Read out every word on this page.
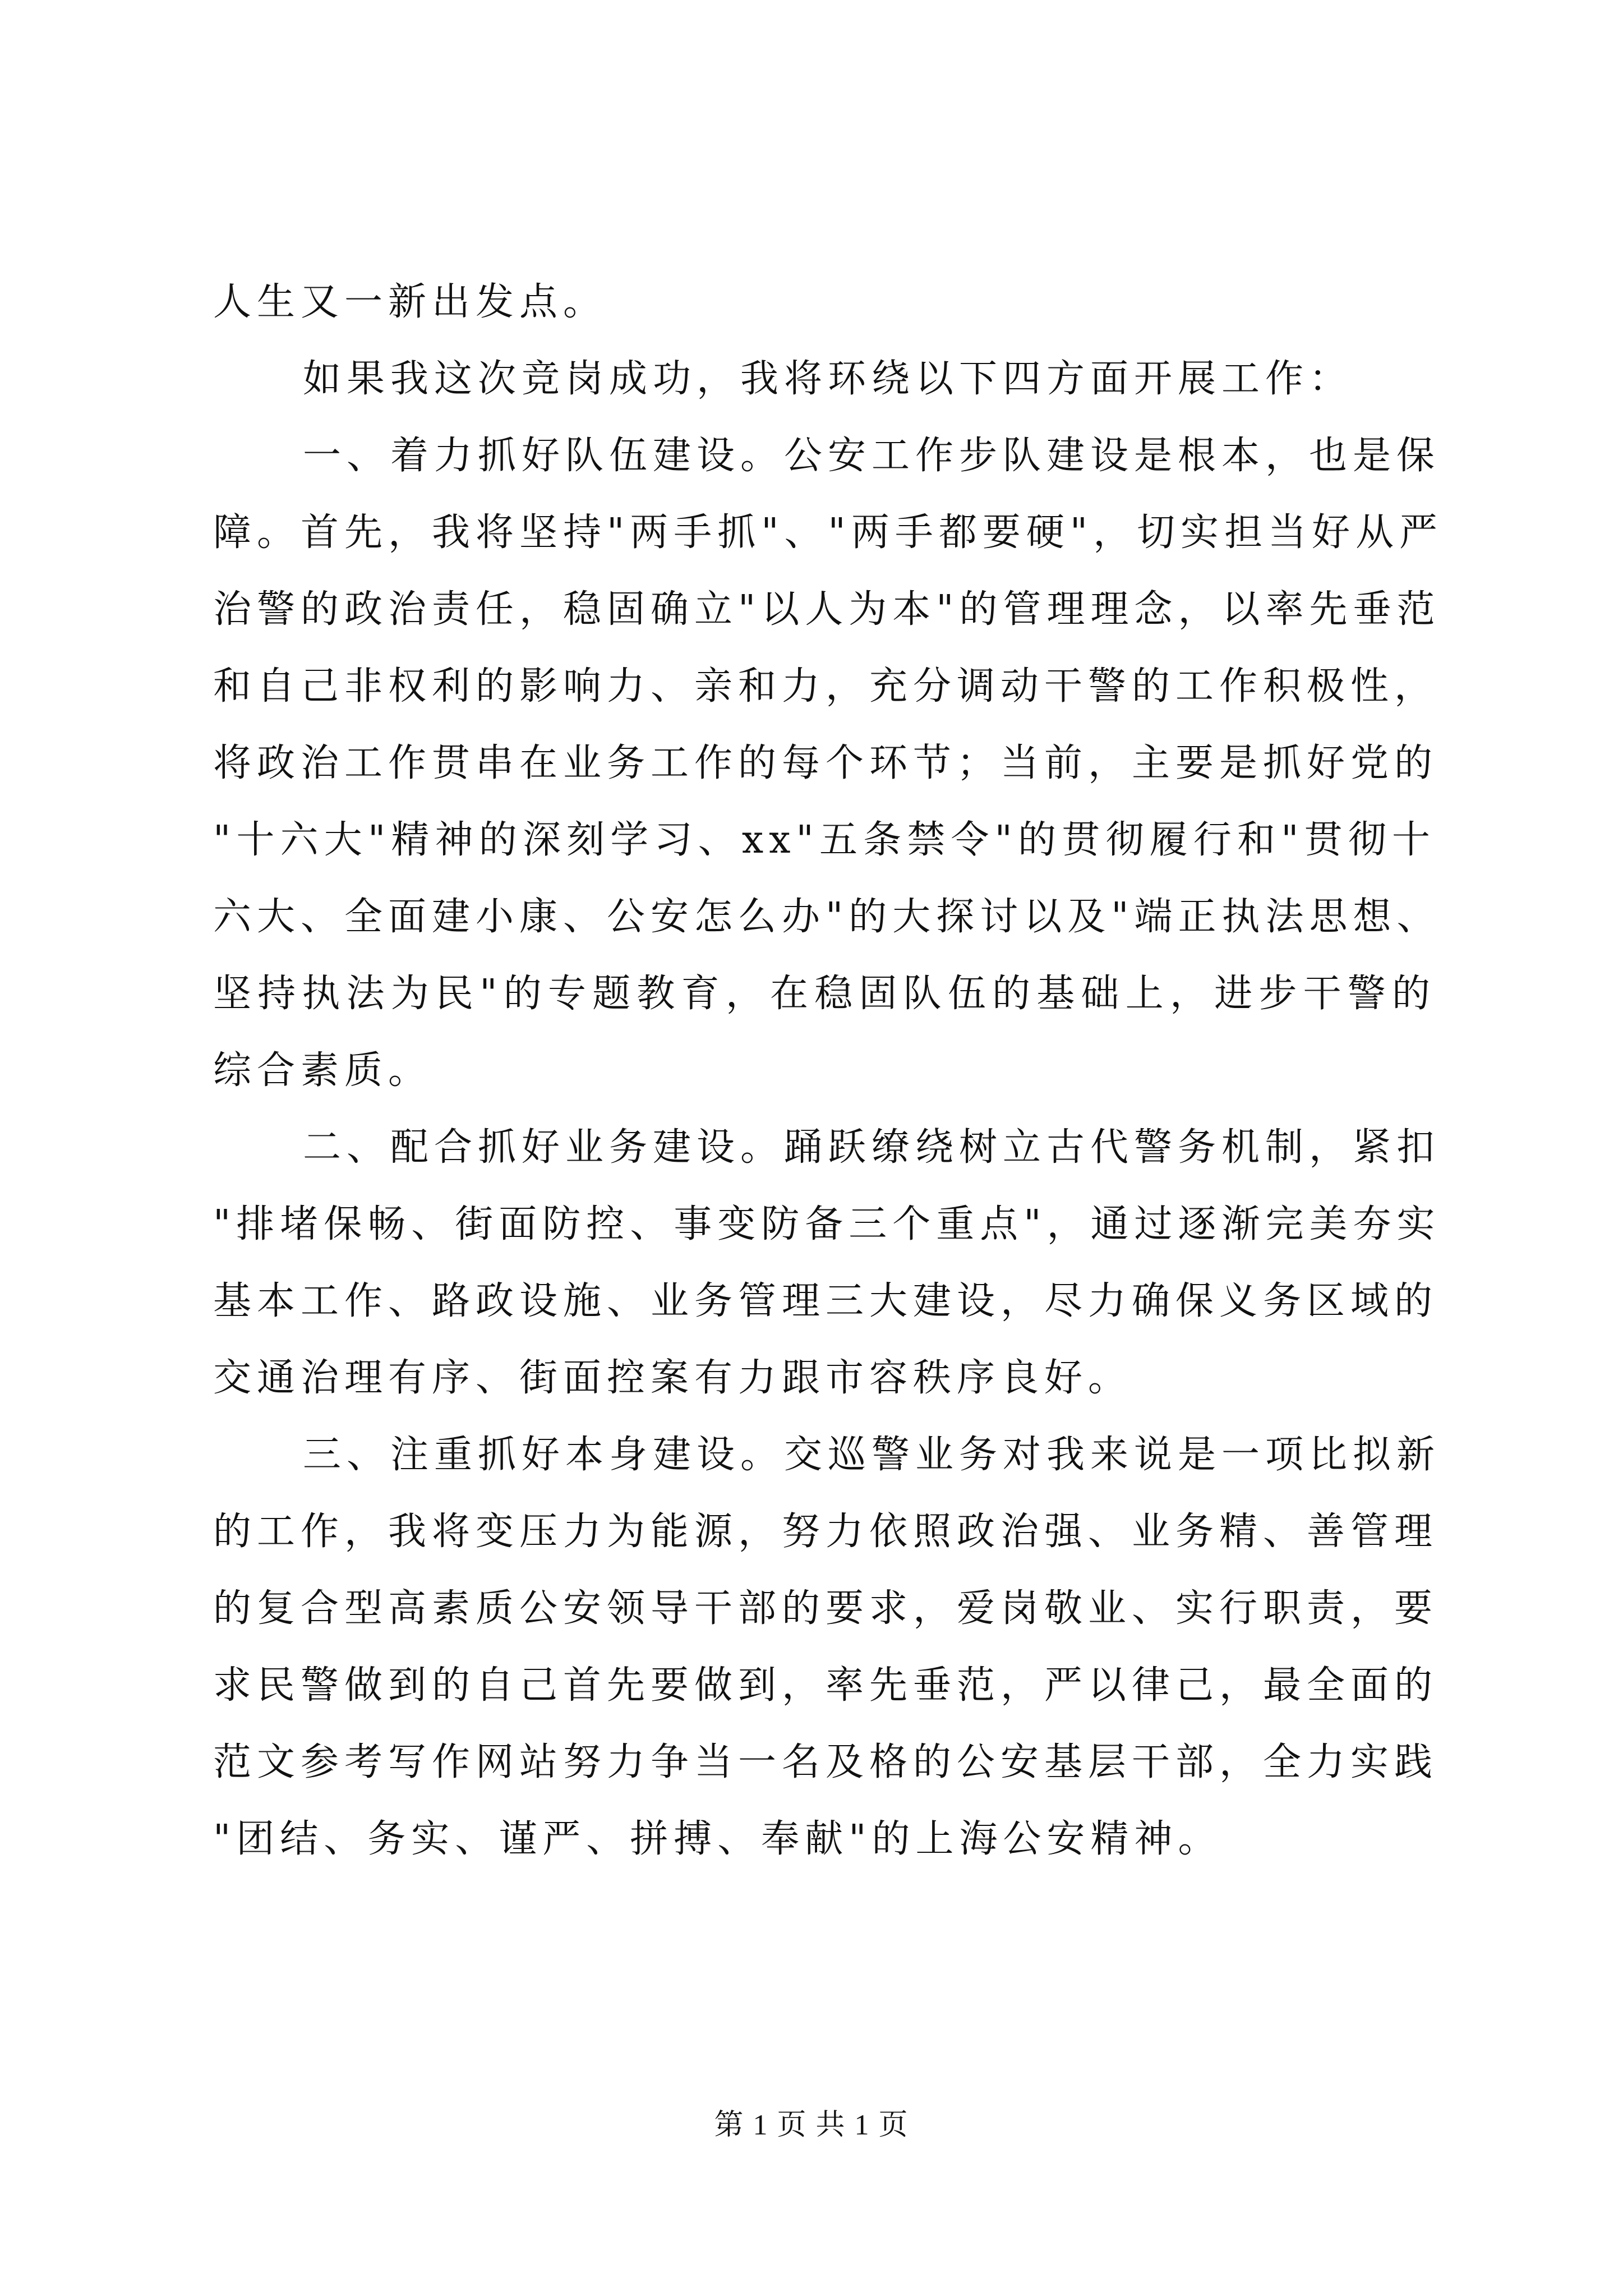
人生又一新出发点。
如果我这次竞岗成功，我将环绕以下四方面开展工作：
一、着力抓好队伍建设。公安工作步队建设是根本，也是保
障。首先，我将坚持"两手抓"、"两手都要硬"，切实担当好从严
治警的政治责任，稳固确立"以人为本"的管理理念，以率先垂范
和自己非权利的影响力、亲和力，充分调动干警的工作积极性，
将政治工作贯串在业务工作的每个环节；当前，主要是抓好党的
"十六大"精神的深刻学习、xx"五条禁令"的贯彻履行和"贯彻十
六大、全面建小康、公安怎么办"的大探讨以及"端正执法思想、
坚持执法为民"的专题教育，在稳固队伍的基础上，进步干警的
综合素质。
二、配合抓好业务建设。踊跃缭绕树立古代警务机制，紧扣
"排堵保畅、街面防控、事变防备三个重点"，通过逐渐完美夯实
基本工作、路政设施、业务管理三大建设，尽力确保义务区域的
交通治理有序、街面控案有力跟市容秩序良好。
三、注重抓好本身建设。交巡警业务对我来说是一项比拟新
的工作，我将变压力为能源，努力依照政治强、业务精、善管理
的复合型高素质公安领导干部的要求，爱岗敬业、实行职责，要
求民警做到的自己首先要做到，率先垂范，严以律己，最全面的
范文参考写作网站努力争当一名及格的公安基层干部，全力实践
"团结、务实、谨严、拼搏、奉献"的上海公安精神。
第 1 页 共 1 页
